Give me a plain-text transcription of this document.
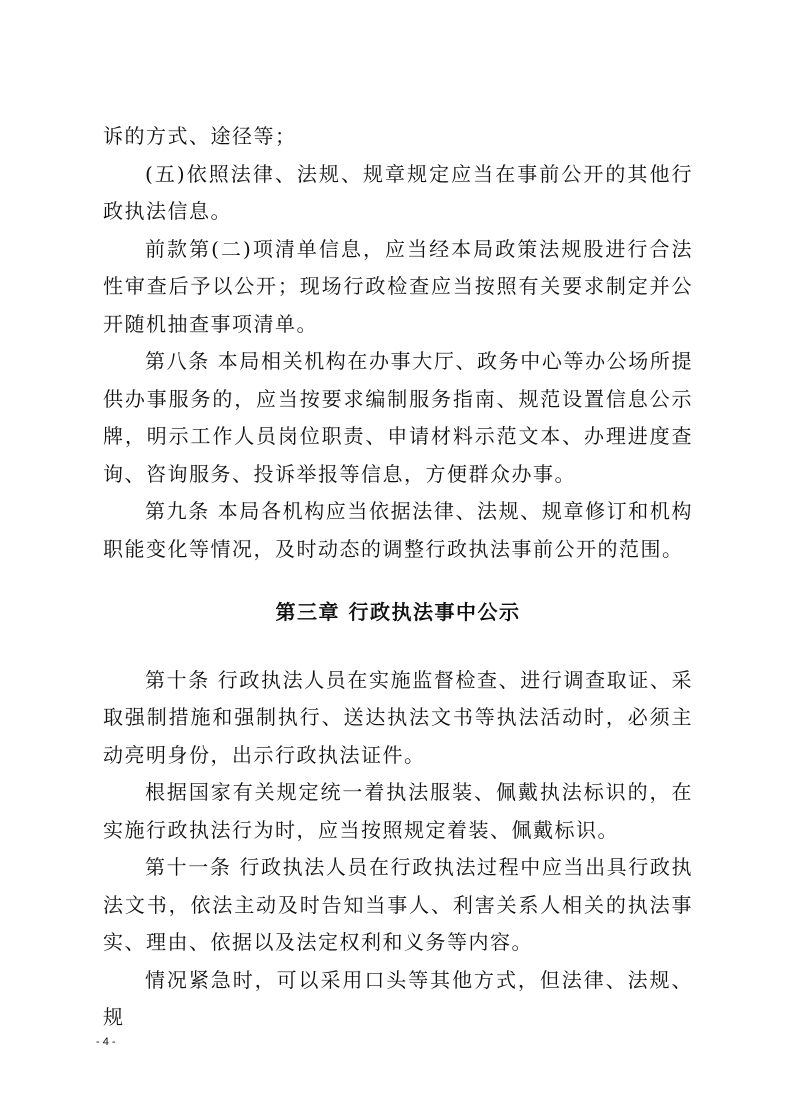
诉的方式、途径等；

(五)依照法律、法规、规章规定应当在事前公开的其他行政执法信息。

前款第(二)项清单信息，应当经本局政策法规股进行合法性审查后予以公开；现场行政检查应当按照有关要求制定并公开随机抽查事项清单。

第八条 本局相关机构在办事大厅、政务中心等办公场所提供办事服务的，应当按要求编制服务指南、规范设置信息公示牌，明示工作人员岗位职责、申请材料示范文本、办理进度查询、咨询服务、投诉举报等信息，方便群众办事。

第九条 本局各机构应当依据法律、法规、规章修订和机构职能变化等情况，及时动态的调整行政执法事前公开的范围。

第三章 行政执法事中公示

第十条 行政执法人员在实施监督检查、进行调查取证、采取强制措施和强制执行、送达执法文书等执法活动时，必须主动亮明身份，出示行政执法证件。

根据国家有关规定统一着执法服装、佩戴执法标识的，在实施行政执法行为时，应当按照规定着装、佩戴标识。

第十一条 行政执法人员在行政执法过程中应当出具行政执法文书，依法主动及时告知当事人、利害关系人相关的执法事实、理由、依据以及法定权利和义务等内容。

情况紧急时，可以采用口头等其他方式，但法律、法规、规

- 4 -
